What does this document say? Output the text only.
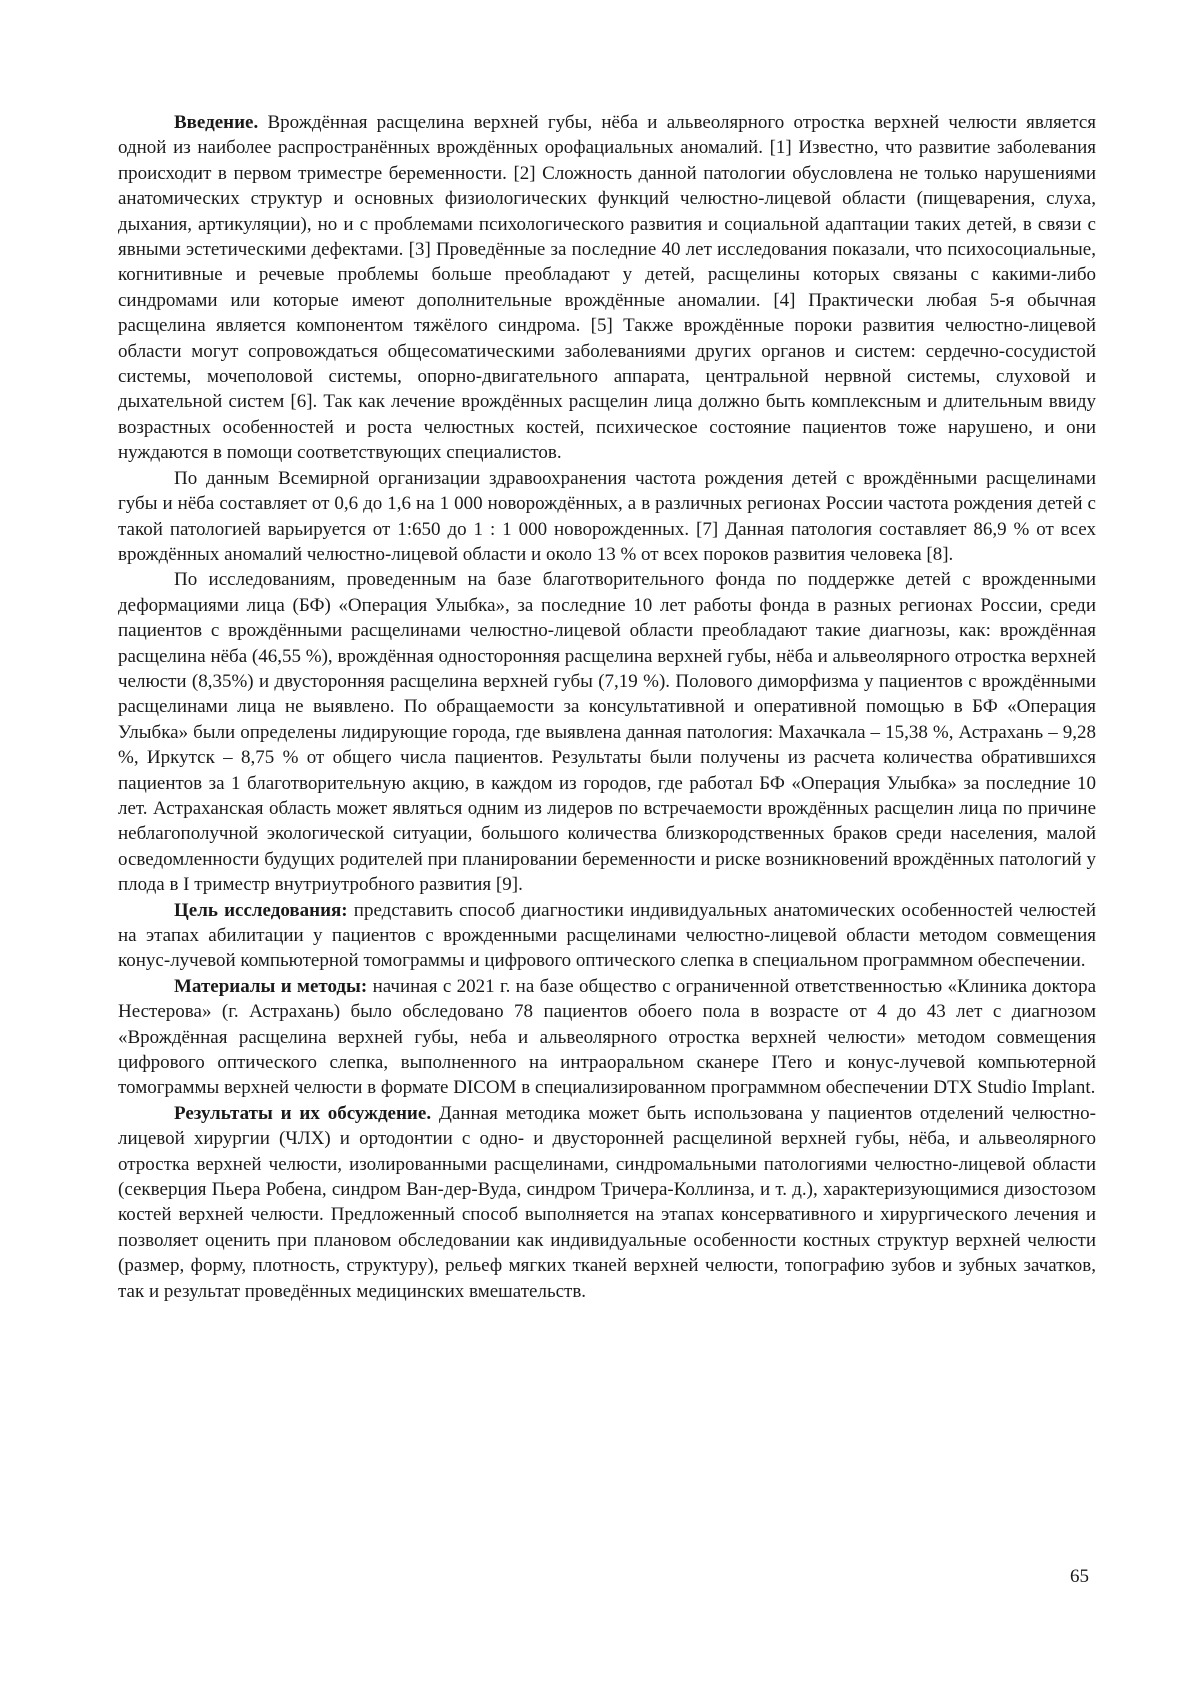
Введение. Врождённая расщелина верхней губы, нёба и альвеолярного отростка верхней челюсти является одной из наиболее распространённых врождённых орофациальных аномалий. [1] Известно, что развитие заболевания происходит в первом триместре беременности. [2] Сложность данной патологии обусловлена не только нарушениями анатомических структур и основных физиологических функций челюстно-лицевой области (пищеварения, слуха, дыхания, артикуляции), но и с проблемами психологического развития и социальной адаптации таких детей, в связи с явными эстетическими дефектами. [3] Проведённые за последние 40 лет исследования показали, что психосоциальные, когнитивные и речевые проблемы больше преобладают у детей, расщелины которых связаны с какими-либо синдромами или которые имеют дополнительные врождённые аномалии. [4] Практически любая 5-я обычная расщелина является компонентом тяжёлого синдрома. [5] Также врождённые пороки развития челюстно-лицевой области могут сопровождаться общесоматическими заболеваниями других органов и систем: сердечно-сосудистой системы, мочеполовой системы, опорно-двигательного аппарата, центральной нервной системы, слуховой и дыхательной систем [6]. Так как лечение врождённых расщелин лица должно быть комплексным и длительным ввиду возрастных особенностей и роста челюстных костей, психическое состояние пациентов тоже нарушено, и они нуждаются в помощи соответствующих специалистов.

По данным Всемирной организации здравоохранения частота рождения детей с врождёнными расщелинами губы и нёба составляет от 0,6 до 1,6 на 1 000 новорождённых, а в различных регионах России частота рождения детей с такой патологией варьируется от 1:650 до 1 : 1 000 новорожденных. [7] Данная патология составляет 86,9 % от всех врождённых аномалий челюстно-лицевой области и около 13 % от всех пороков развития человека [8].

По исследованиям, проведенным на базе благотворительного фонда по поддержке детей с врожденными деформациями лица (БФ) «Операция Улыбка», за последние 10 лет работы фонда в разных регионах России, среди пациентов с врождёнными расщелинами челюстно-лицевой области преобладают такие диагнозы, как: врождённая расщелина нёба (46,55 %), врождённая односторонняя расщелина верхней губы, нёба и альвеолярного отростка верхней челюсти (8,35%) и двусторонняя расщелина верхней губы (7,19 %). Полового диморфизма у пациентов с врождёнными расщелинами лица не выявлено. По обращаемости за консультативной и оперативной помощью в БФ «Операция Улыбка» были определены лидирующие города, где выявлена данная патология: Махачкала – 15,38 %, Астрахань – 9,28 %, Иркутск – 8,75 % от общего числа пациентов. Результаты были получены из расчета количества обратившихся пациентов за 1 благотворительную акцию, в каждом из городов, где работал БФ «Операция Улыбка» за последние 10 лет. Астраханская область может являться одним из лидеров по встречаемости врождённых расщелин лица по причине неблагополучной экологической ситуации, большого количества близкородственных браков среди населения, малой осведомленности будущих родителей при планировании беременности и риске возникновений врождённых патологий у плода в I триместр внутриутробного развития [9].

Цель исследования: представить способ диагностики индивидуальных анатомических особенностей челюстей на этапах абилитации у пациентов с врожденными расщелинами челюстно-лицевой области методом совмещения конус-лучевой компьютерной томограммы и цифрового оптического слепка в специальном программном обеспечении.

Материалы и методы: начиная с 2021 г. на базе общество с ограниченной ответственностью «Клиника доктора Нестерова» (г. Астрахань) было обследовано 78 пациентов обоего пола в возрасте от 4 до 43 лет с диагнозом «Врождённая расщелина верхней губы, неба и альвеолярного отростка верхней челюсти» методом совмещения цифрового оптического слепка, выполненного на интраоральном сканере ITero и конус-лучевой компьютерной томограммы верхней челюсти в формате DICOM в специализированном программном обеспечении DTX Studio Implant.

Результаты и их обсуждение. Данная методика может быть использована у пациентов отделений челюстно-лицевой хирургии (ЧЛХ) и ортодонтии с одно- и двусторонней расщелиной верхней губы, нёба, и альвеолярного отростка верхней челюсти, изолированными расщелинами, синдромальными патологиями челюстно-лицевой области (секверция Пьера Робена, синдром Ван-дер-Вуда, синдром Тричера-Коллинза, и т. д.), характеризующимися дизостозом костей верхней челюсти. Предложенный способ выполняется на этапах консервативного и хирургического лечения и позволяет оценить при плановом обследовании как индивидуальные особенности костных структур верхней челюсти (размер, форму, плотность, структуру), рельеф мягких тканей верхней челюсти, топографию зубов и зубных зачатков, так и результат проведённых медицинских вмешательств.

65
